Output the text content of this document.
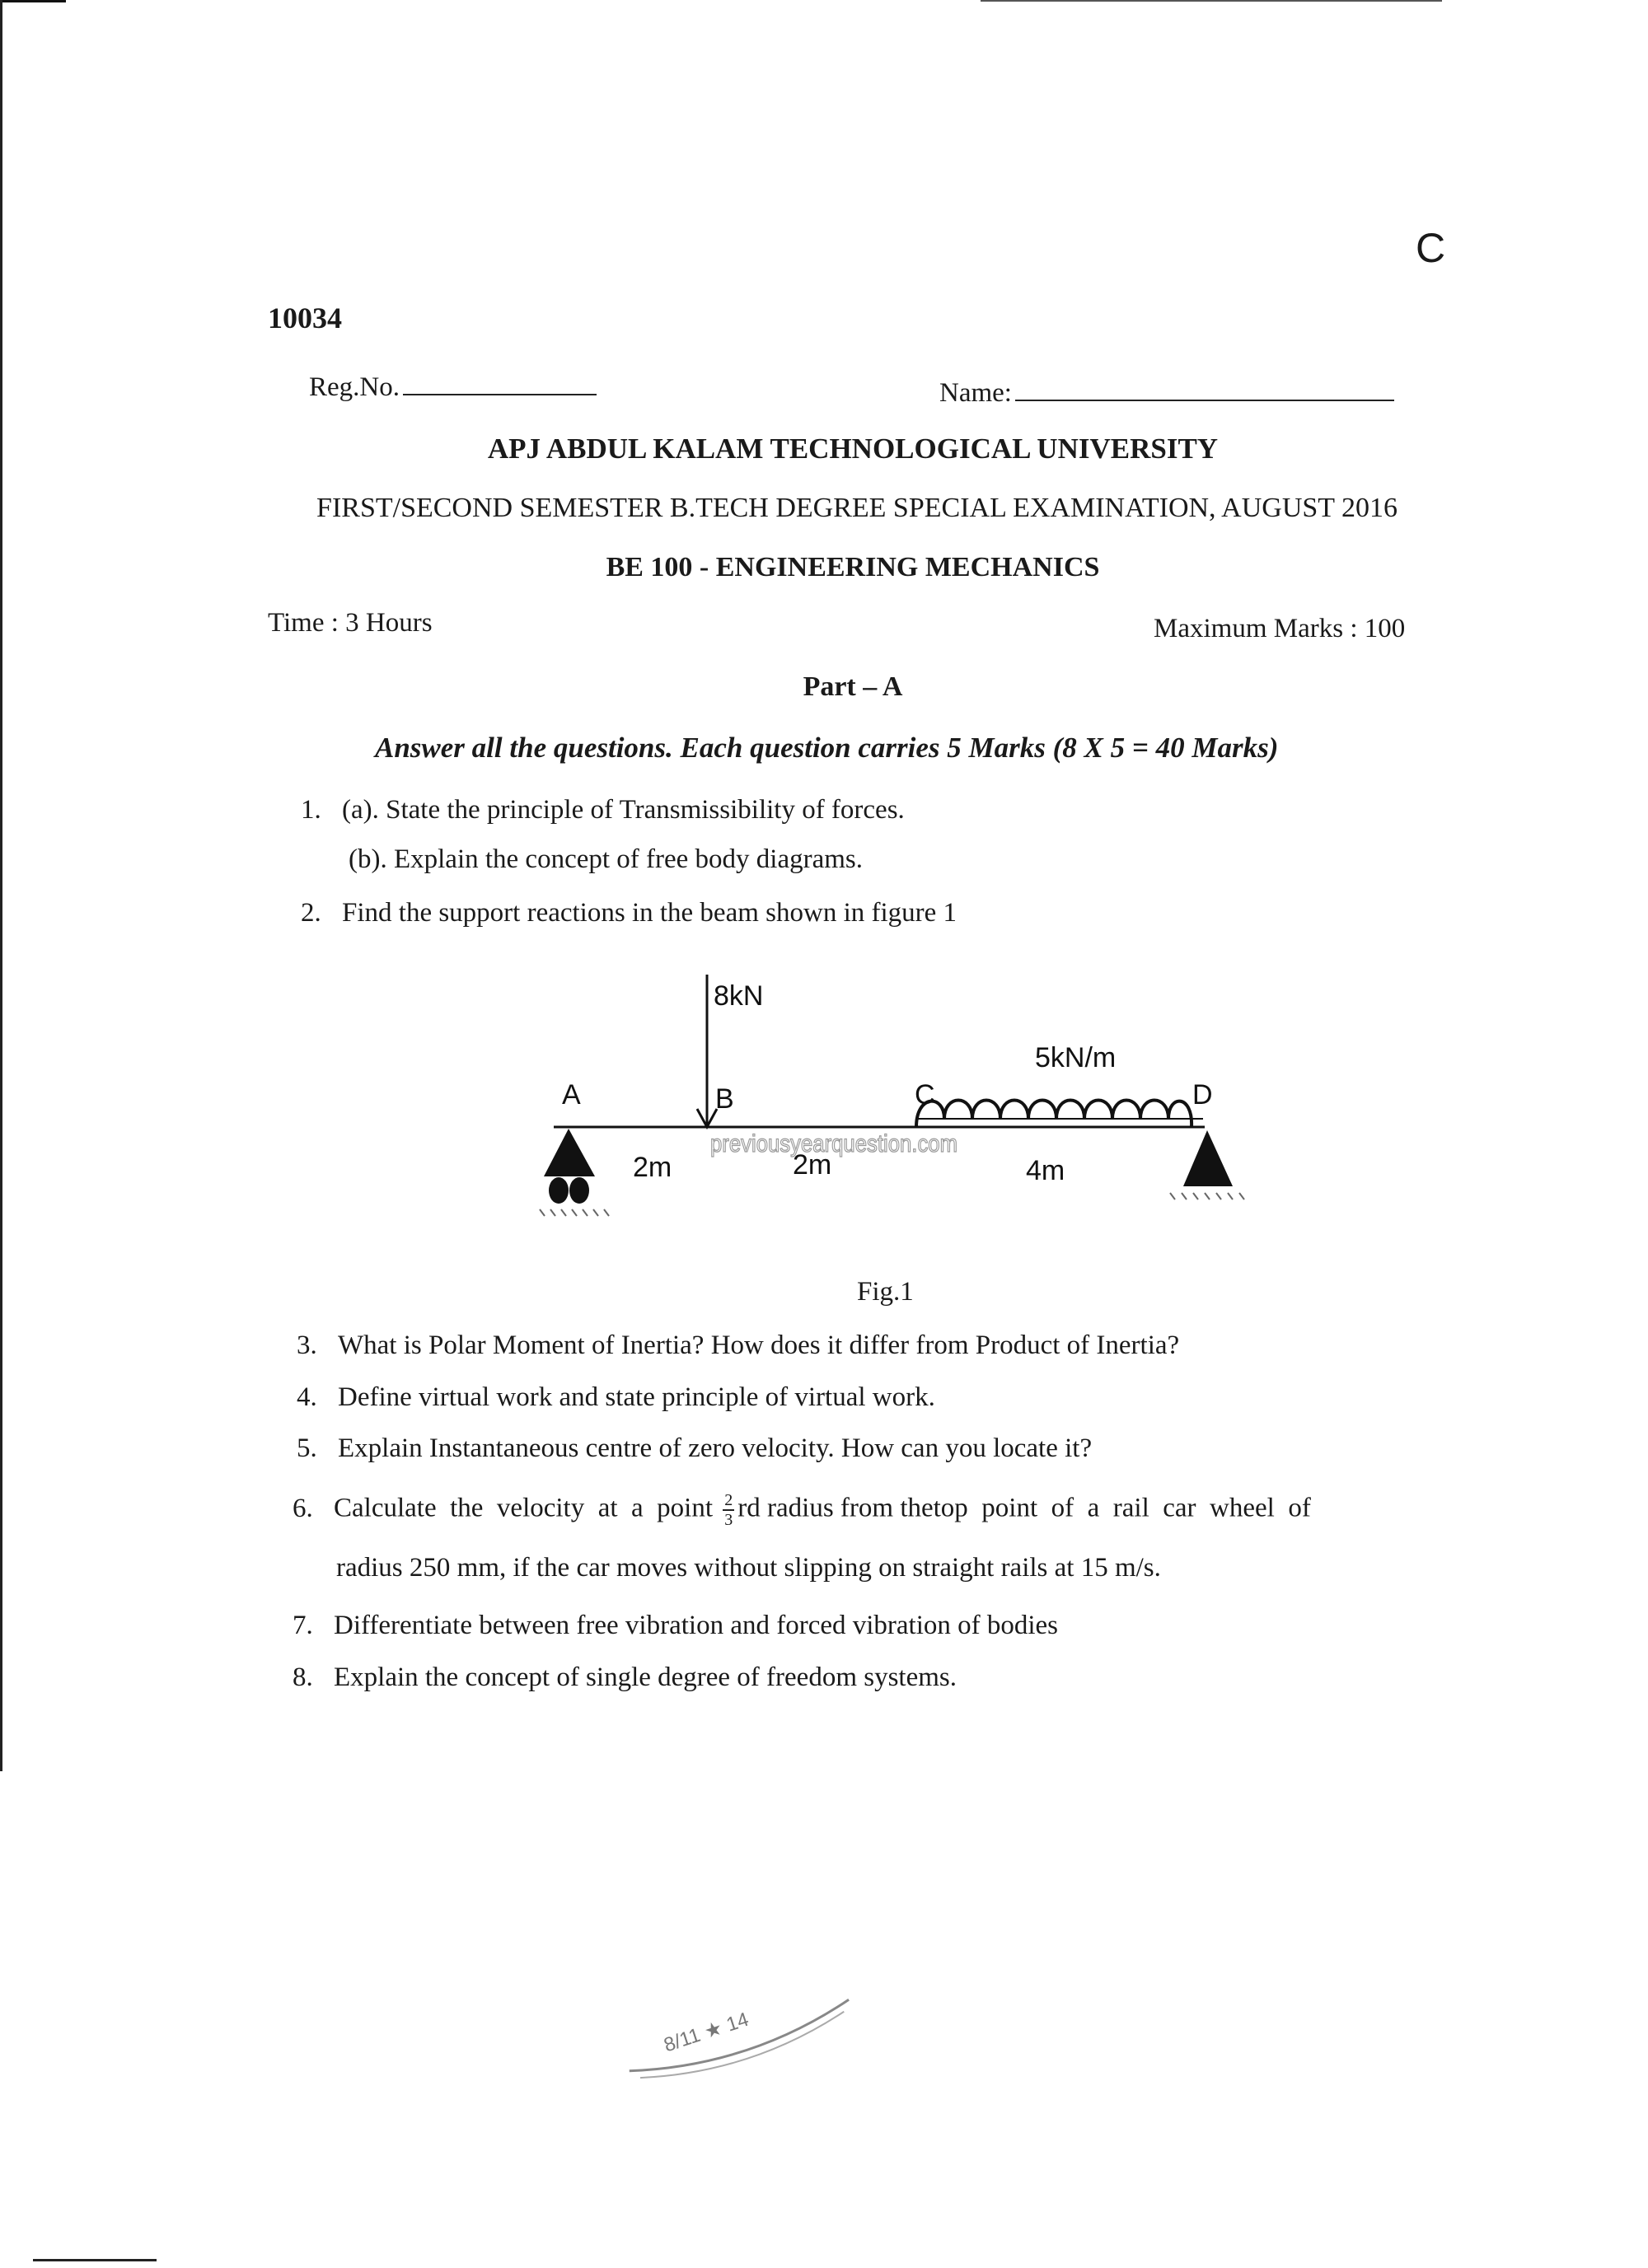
C
10034
Reg.No.	Name:
APJ ABDUL KALAM TECHNOLOGICAL UNIVERSITY
FIRST/SECOND SEMESTER B.TECH DEGREE SPECIAL EXAMINATION, AUGUST 2016
BE 100 - ENGINEERING MECHANICS
Time : 3 Hours	Maximum Marks : 100
Part – A
Answer all the questions. Each question carries 5 Marks (8 X 5 = 40 Marks)
1. (a). State the principle of Transmissibility of forces.
(b). Explain the concept of free body diagrams.
2. Find the support reactions in the beam shown in figure 1
previousyearquestion.com
8kN
5kN/m
A	B	C	D
2m	2m	4m
8/11 ★ 14
Fig.1
3. What is Polar Moment of Inertia? How does it differ from Product of Inertia?
4. Define virtual work and state principle of virtual work.
5. Explain Instantaneous centre of zero velocity. How can you locate it?
6. Calculate  the  velocity  at  a  point $\frac{2}{3}$ rd radius from thetop  point  of  a  rail  car  wheel  of
radius 250 mm, if the car moves without slipping on straight rails at 15 m/s.
7. Differentiate between free vibration and forced vibration of bodies
8. Explain the concept of single degree of freedom systems.
